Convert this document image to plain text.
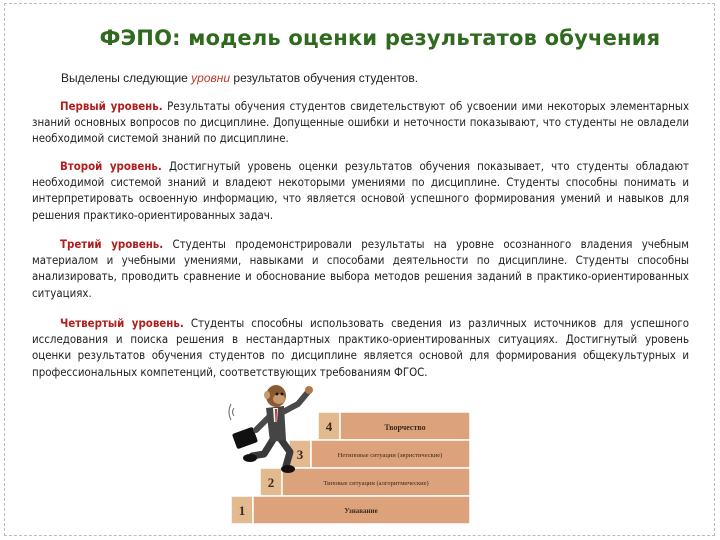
ФЭПО: модель оценки результатов обучения
Выделены следующие уровни результатов обучения студентов.
Первый уровень. Результаты обучения студентов свидетельствуют об усвоении ими некоторых элементарных знаний основных вопросов по дисциплине. Допущенные ошибки и неточности показывают, что студенты не овладели необходимой системой знаний по дисциплине.
Второй уровень. Достигнутый уровень оценки результатов обучения показывает, что студенты обладают необходимой системой знаний и владеют некоторыми умениями по дисциплине. Студенты способны понимать и интерпретировать освоенную информацию, что является основой успешного формирования умений и навыков для решения практико-ориентированных задач.
Третий уровень. Студенты продемонстрировали результаты на уровне осознанного владения учебным материалом и учебными умениями, навыками и способами деятельности по дисциплине. Студенты способны анализировать, проводить сравнение и обоснование выбора методов решения заданий в практико-ориентированных ситуациях.
Четвертый уровень. Студенты способны использовать сведения из различных источников для успешного исследования и поиска решения в нестандартных практико-ориентированных ситуациях. Достигнутый уровень оценки результатов обучения студентов по дисциплине является основой для формирования общекультурных и профессиональных компетенций, соответствующих требованиям ФГОС.
4	Творчество
3	Нетиповые ситуации (эвристические)
2	Типовые ситуации (алгоритмические)
1	Узнавание
